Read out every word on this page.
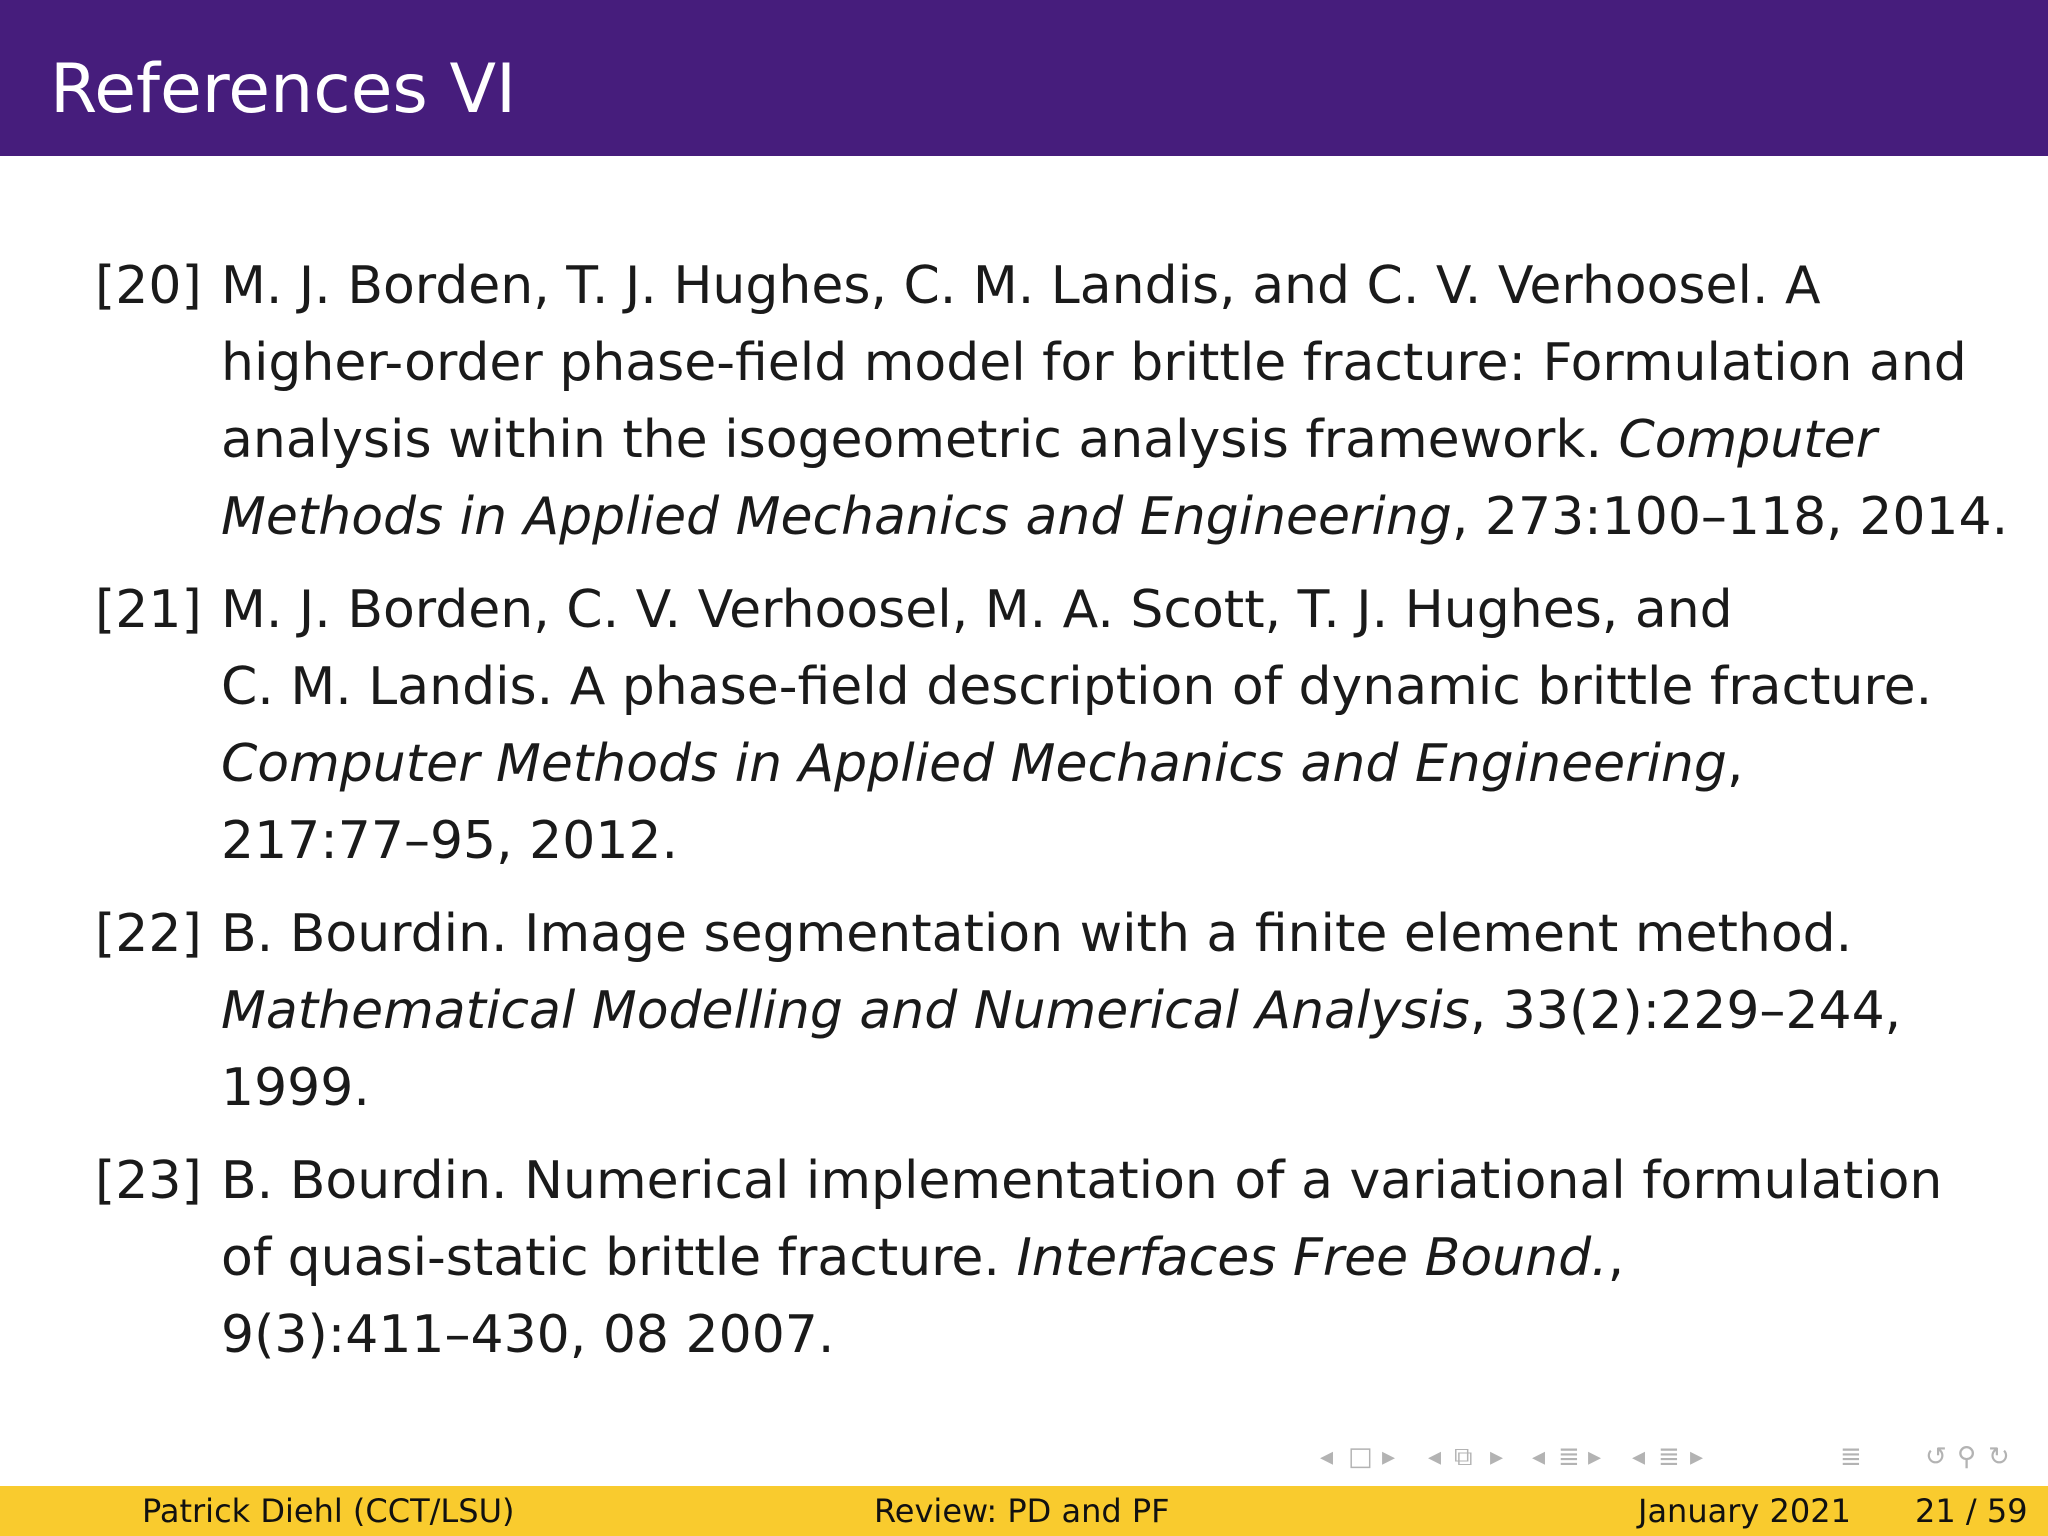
References VI
[20] M. J. Borden, T. J. Hughes, C. M. Landis, and C. V. Verhoosel. A
higher-order phase-field model for brittle fracture: Formulation and
analysis within the isogeometric analysis framework. Computer
Methods in Applied Mechanics and Engineering, 273:100–118, 2014.
[21] M. J. Borden, C. V. Verhoosel, M. A. Scott, T. J. Hughes, and
C. M. Landis. A phase-field description of dynamic brittle fracture.
Computer Methods in Applied Mechanics and Engineering,
217:77–95, 2012.
[22] B. Bourdin. Image segmentation with a finite element method.
Mathematical Modelling and Numerical Analysis, 33(2):229–244,
1999.
[23] B. Bourdin. Numerical implementation of a variational formulation
of quasi-static brittle fracture. Interfaces Free Bound.,
9(3):411–430, 08 2007.
◂ □ ▸ ◂ ⧉ ▸ ◂ ≣ ▸ ◂ ≣ ▸	≣ ↺ ⚲ ↻
Patrick Diehl (CCT/LSU)	Review: PD and PF	January 2021 21 / 59
